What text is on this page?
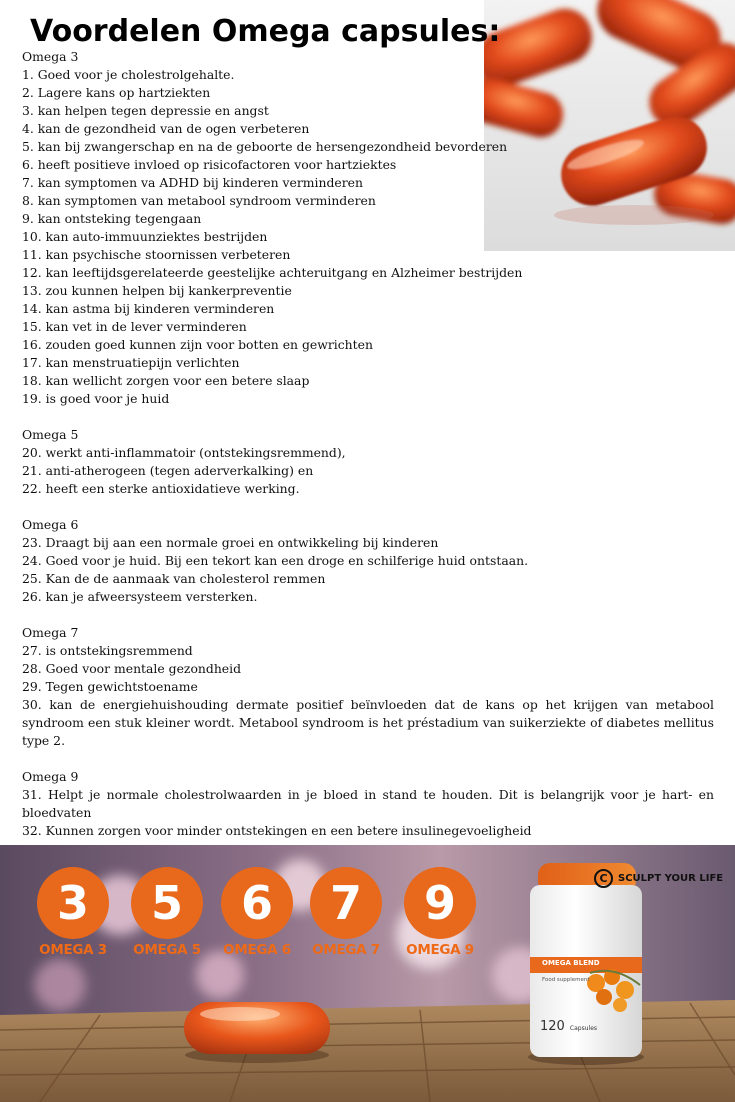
Voordelen Omega capsules:
Omega 3
1. Goed voor je cholestrolgehalte.
2. Lagere kans op hartziekten
3. kan helpen tegen depressie en angst
4. kan de gezondheid van de ogen verbeteren
5. kan bij zwangerschap en na de geboorte de hersengezondheid bevorderen
6. heeft positieve invloed op risicofactoren voor hartziektes
7. kan symptomen va ADHD bij kinderen verminderen
8. kan symptomen van metabool syndroom verminderen
9. kan ontsteking tegengaan
10. kan auto-immuunziektes bestrijden
11. kan psychische stoornissen verbeteren
12. kan leeftijdsgerelateerde geestelijke achteruitgang en Alzheimer bestrijden
13. zou kunnen helpen bij kankerpreventie
14. kan astma bij kinderen verminderen
15. kan vet in de lever verminderen
16. zouden goed kunnen zijn voor botten en gewrichten
17. kan menstruatiepijn verlichten
18. kan wellicht zorgen voor een betere slaap
19. is goed voor je huid
Omega 5
20. werkt anti-inflammatoir (ontstekingsremmend),
21. anti-atherogeen (tegen aderverkalking) en
22. heeft een sterke antioxidatieve werking.
Omega 6
23. Draagt bij aan een normale groei en ontwikkeling bij kinderen
24. Goed voor je huid. Bij een tekort kan een droge en schilferige huid ontstaan.
25. Kan de de aanmaak van cholesterol remmen
26. kan je afweersysteem versterken.
Omega 7
27. is ontstekingsremmend
28. Goed voor mentale gezondheid
29. Tegen gewichtstoename
30. kan de energiehuishouding dermate positief beïnvloeden dat de kans op het krijgen van metabool syndroom een stuk kleiner wordt. Metabool syndroom is het préstadium van suikerziekte of diabetes mellitus type 2.
Omega 9
31. Helpt je normale cholestrolwaarden in je bloed in stand te houden. Dit is belangrijk voor je hart- en bloedvaten
32. Kunnen zorgen voor minder ontstekingen en een betere insulinegevoeligheid
3
OMEGA 3
5
OMEGA 5
6
OMEGA 6
7
OMEGA 7
9
OMEGA 9
OMEGA BLEND
Food supplement
120 Capsules
C	SCULPT YOUR LIFE
